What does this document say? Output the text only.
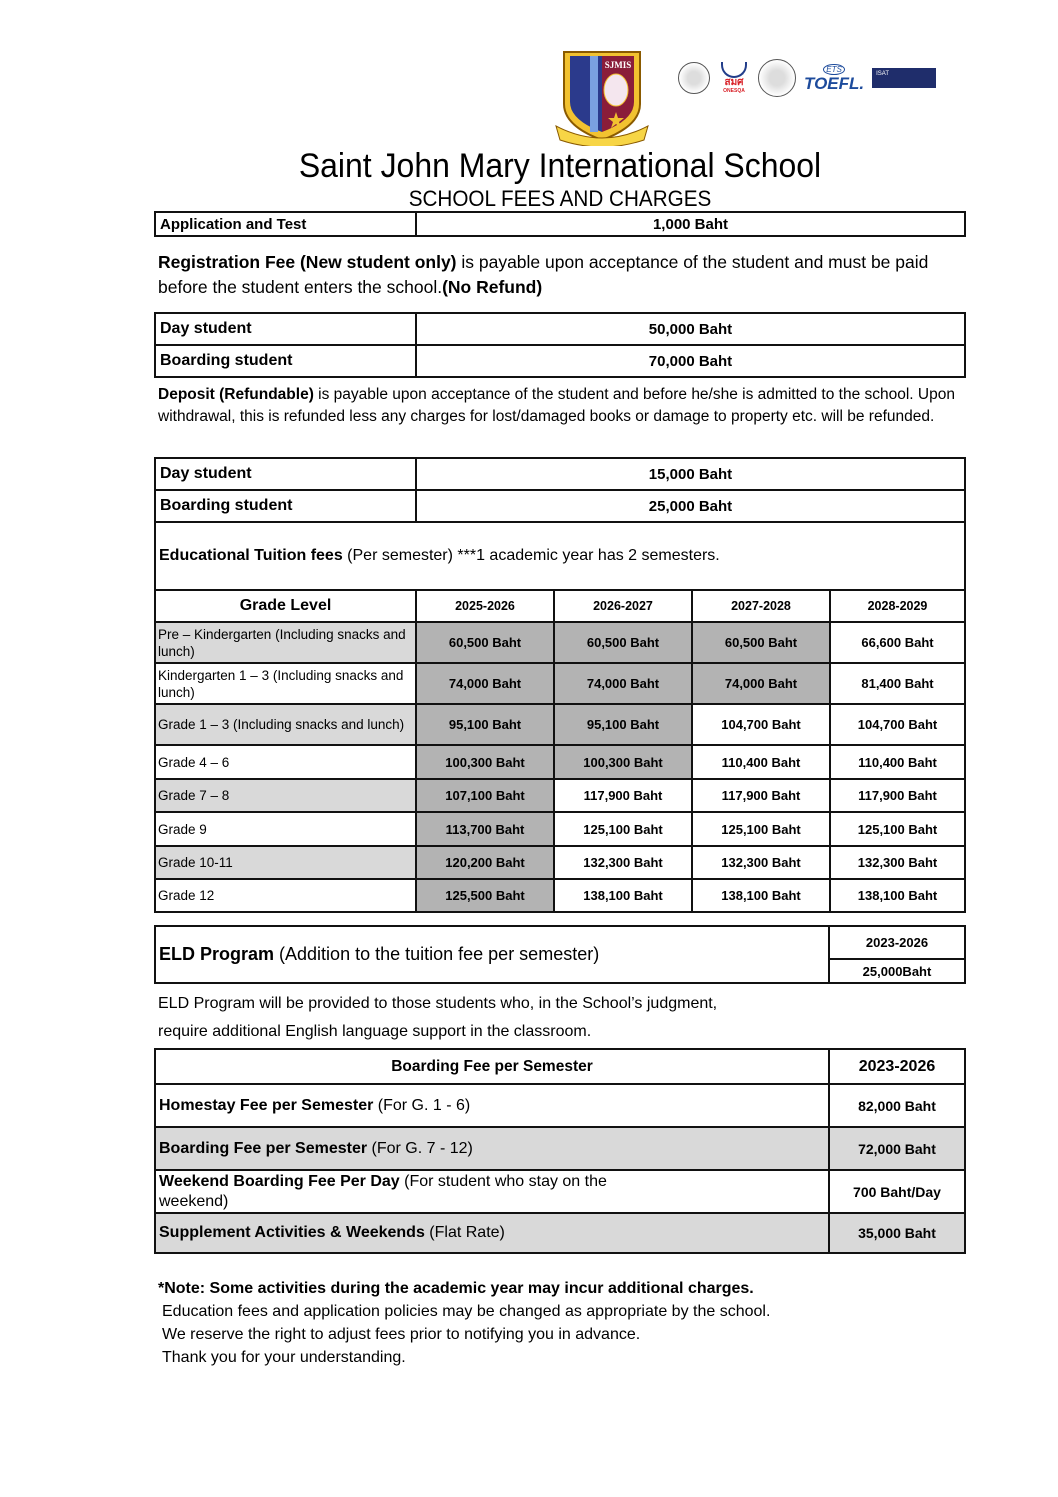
SJMIS
สมศ
ONESQA
ETS
TOEFL.	ISAT
Saint John Mary International School
SCHOOL FEES AND CHARGES
Application and Test	1,000 Baht
Registration Fee (New student only) is payable upon acceptance of the student and must be paid before the student enters the school.(No Refund)
Day student	50,000 Baht
Boarding student	70,000 Baht
Deposit (Refundable) is payable upon acceptance of the student and before he/she is admitted to the school. Upon withdrawal, this is refunded less any charges for lost/damaged books or damage to property etc. will be refunded.
Day student	15,000 Baht
Boarding student	25,000 Baht
Educational Tuition fees (Per semester) ***1 academic year has 2 semesters.				
Grade Level	2025-2026	2026-2027	2027-2028	2028-2029
Pre – Kindergarten (Including snacks and lunch)	60,500 Baht	60,500 Baht	60,500 Baht	66,600 Baht
Kindergarten 1 – 3 (Including snacks and lunch)	74,000 Baht	74,000 Baht	74,000 Baht	81,400 Baht
Grade 1 – 3 (Including snacks and lunch)	95,100 Baht	95,100 Baht	104,700 Baht	104,700 Baht
Grade 4 – 6	100,300 Baht	100,300 Baht	110,400 Baht	110,400 Baht
Grade 7 – 8	107,100 Baht	117,900 Baht	117,900 Baht	117,900 Baht
Grade 9	113,700 Baht	125,100 Baht	125,100 Baht	125,100 Baht
Grade 10-11	120,200 Baht	132,300 Baht	132,300 Baht	132,300 Baht
Grade 12	125,500 Baht	138,100 Baht	138,100 Baht	138,100 Baht
ELD Program (Addition to the tuition fee per semester)	2023-2026
25,000Baht
ELD Program will be provided to those students who, in the School’s judgment,
require additional English language support in the classroom.
Boarding Fee per Semester	2023-2026
Homestay Fee per Semester (For G. 1 - 6)	82,000 Baht
Boarding Fee per Semester (For G. 7 - 12)	72,000 Baht
Weekend Boarding Fee Per Day (For student who stay on the weekend)	700 Baht/Day
Supplement Activities & Weekends (Flat Rate)	35,000 Baht
*Note: Some activities during the academic year may incur additional charges.
Education fees and application policies may be changed as appropriate by the school.
We reserve the right to adjust fees prior to notifying you in advance.
Thank you for your understanding.
